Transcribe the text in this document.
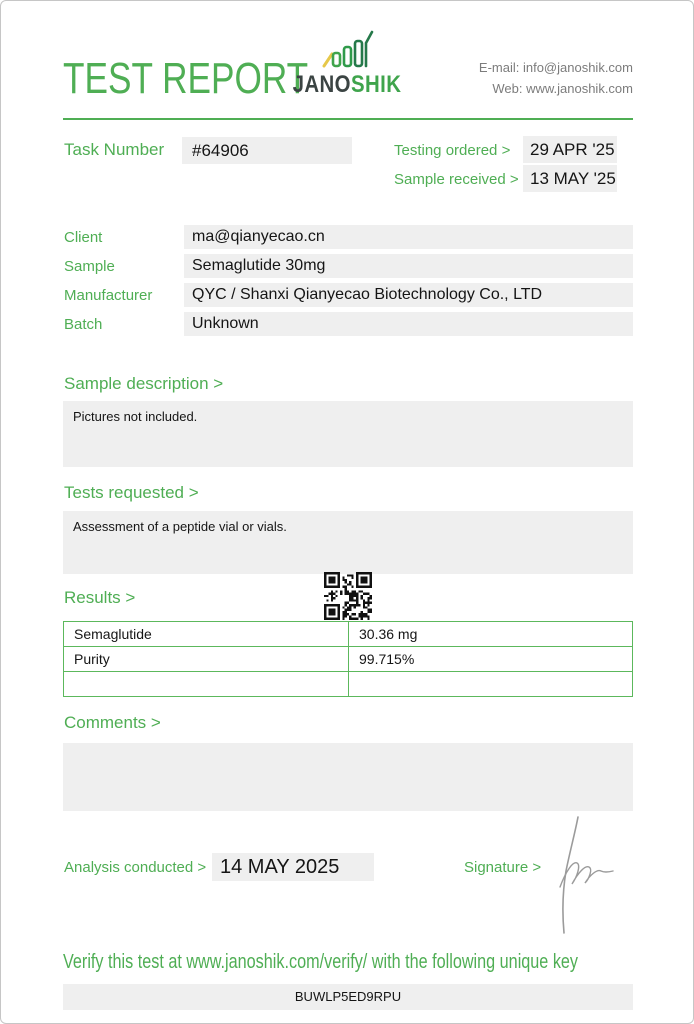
TEST REPORT
JANOSHIK
E-mail: info@janoshik.com
Web: www.janoshik.com
Task Number	#64906	Testing ordered >	29 APR '25
Sample received > 13 MAY '25
Client	ma@qianyecao.cn
Sample	Semaglutide 30mg
Manufacturer	QYC / Shanxi Qianyecao Biotechnology Co., LTD
Batch	Unknown
Sample description >
Pictures not included.
Tests requested >
Assessment of a peptide vial or vials.
Results >
Semaglutide	30.36 mg
Purity	99.715%

Comments >
Analysis conducted > 14 MAY 2025	Signature >
Verify this test at www.janoshik.com/verify/ with the following unique key
BUWLP5ED9RPU
